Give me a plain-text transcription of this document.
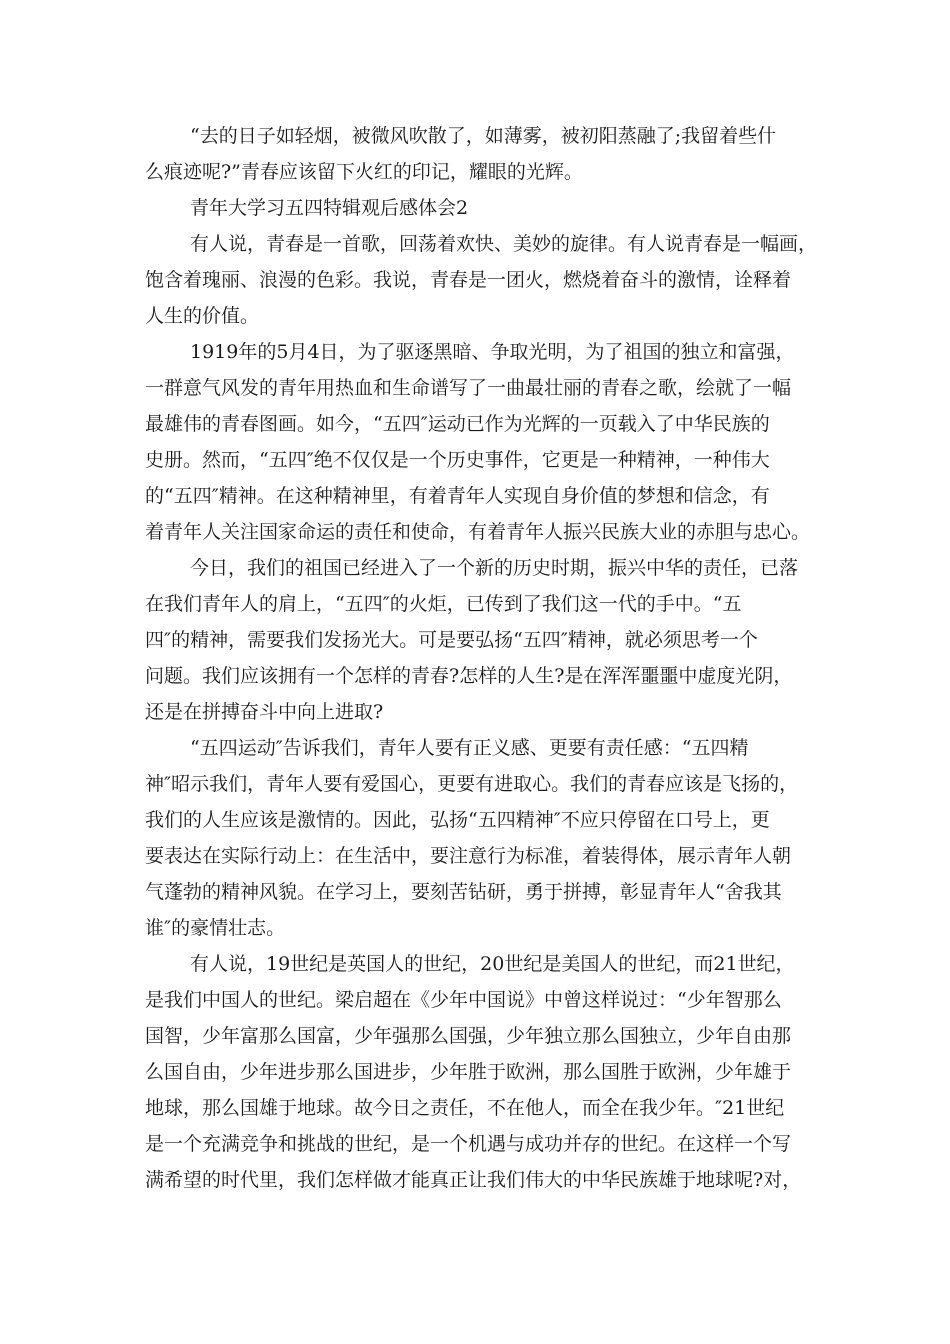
“去的日子如轻烟，被微风吹散了，如薄雾，被初阳蒸融了;我留着些什
么痕迹呢?”青春应该留下火红的印记，耀眼的光辉。
青年大学习五四特辑观后感体会2
有人说，青春是一首歌，回荡着欢快、美妙的旋律。有人说青春是一幅画，
饱含着瑰丽、浪漫的色彩。我说，青春是一团火，燃烧着奋斗的激情，诠释着
人生的价值。
1919年的5月4日，为了驱逐黑暗、争取光明，为了祖国的独立和富强，
一群意气风发的青年用热血和生命谱写了一曲最壮丽的青春之歌，绘就了一幅
最雄伟的青春图画。如今，“五四″运动已作为光辉的一页载入了中华民族的
史册。然而，“五四″绝不仅仅是一个历史事件，它更是一种精神，一种伟大
的“五四″精神。在这种精神里，有着青年人实现自身价值的梦想和信念，有
着青年人关注国家命运的责任和使命，有着青年人振兴民族大业的赤胆与忠心。
今日，我们的祖国已经进入了一个新的历史时期，振兴中华的责任，已落
在我们青年人的肩上，“五四″的火炬，已传到了我们这一代的手中。“五
四″的精神，需要我们发扬光大。可是要弘扬“五四″精神，就必须思考一个
问题。我们应该拥有一个怎样的青春?怎样的人生?是在浑浑噩噩中虚度光阴，
还是在拼搏奋斗中向上进取?
“五四运动″告诉我们，青年人要有正义感、更要有责任感：“五四精
神″昭示我们，青年人要有爱国心，更要有进取心。我们的青春应该是飞扬的，
我们的人生应该是激情的。因此，弘扬“五四精神″不应只停留在口号上，更
要表达在实际行动上：在生活中，要注意行为标准，着装得体，展示青年人朝
气蓬勃的精神风貌。在学习上，要刻苦钻研，勇于拼搏，彰显青年人“舍我其
谁″的豪情壮志。
有人说，19世纪是英国人的世纪，20世纪是美国人的世纪，而21世纪，
是我们中国人的世纪。梁启超在《少年中国说》中曾这样说过：“少年智那么
国智，少年富那么国富，少年强那么国强，少年独立那么国独立，少年自由那
么国自由，少年进步那么国进步，少年胜于欧洲，那么国胜于欧洲，少年雄于
地球，那么国雄于地球。故今日之责任，不在他人，而全在我少年。″21世纪
是一个充满竞争和挑战的世纪，是一个机遇与成功并存的世纪。在这样一个写
满希望的时代里，我们怎样做才能真正让我们伟大的中华民族雄于地球呢?对，
